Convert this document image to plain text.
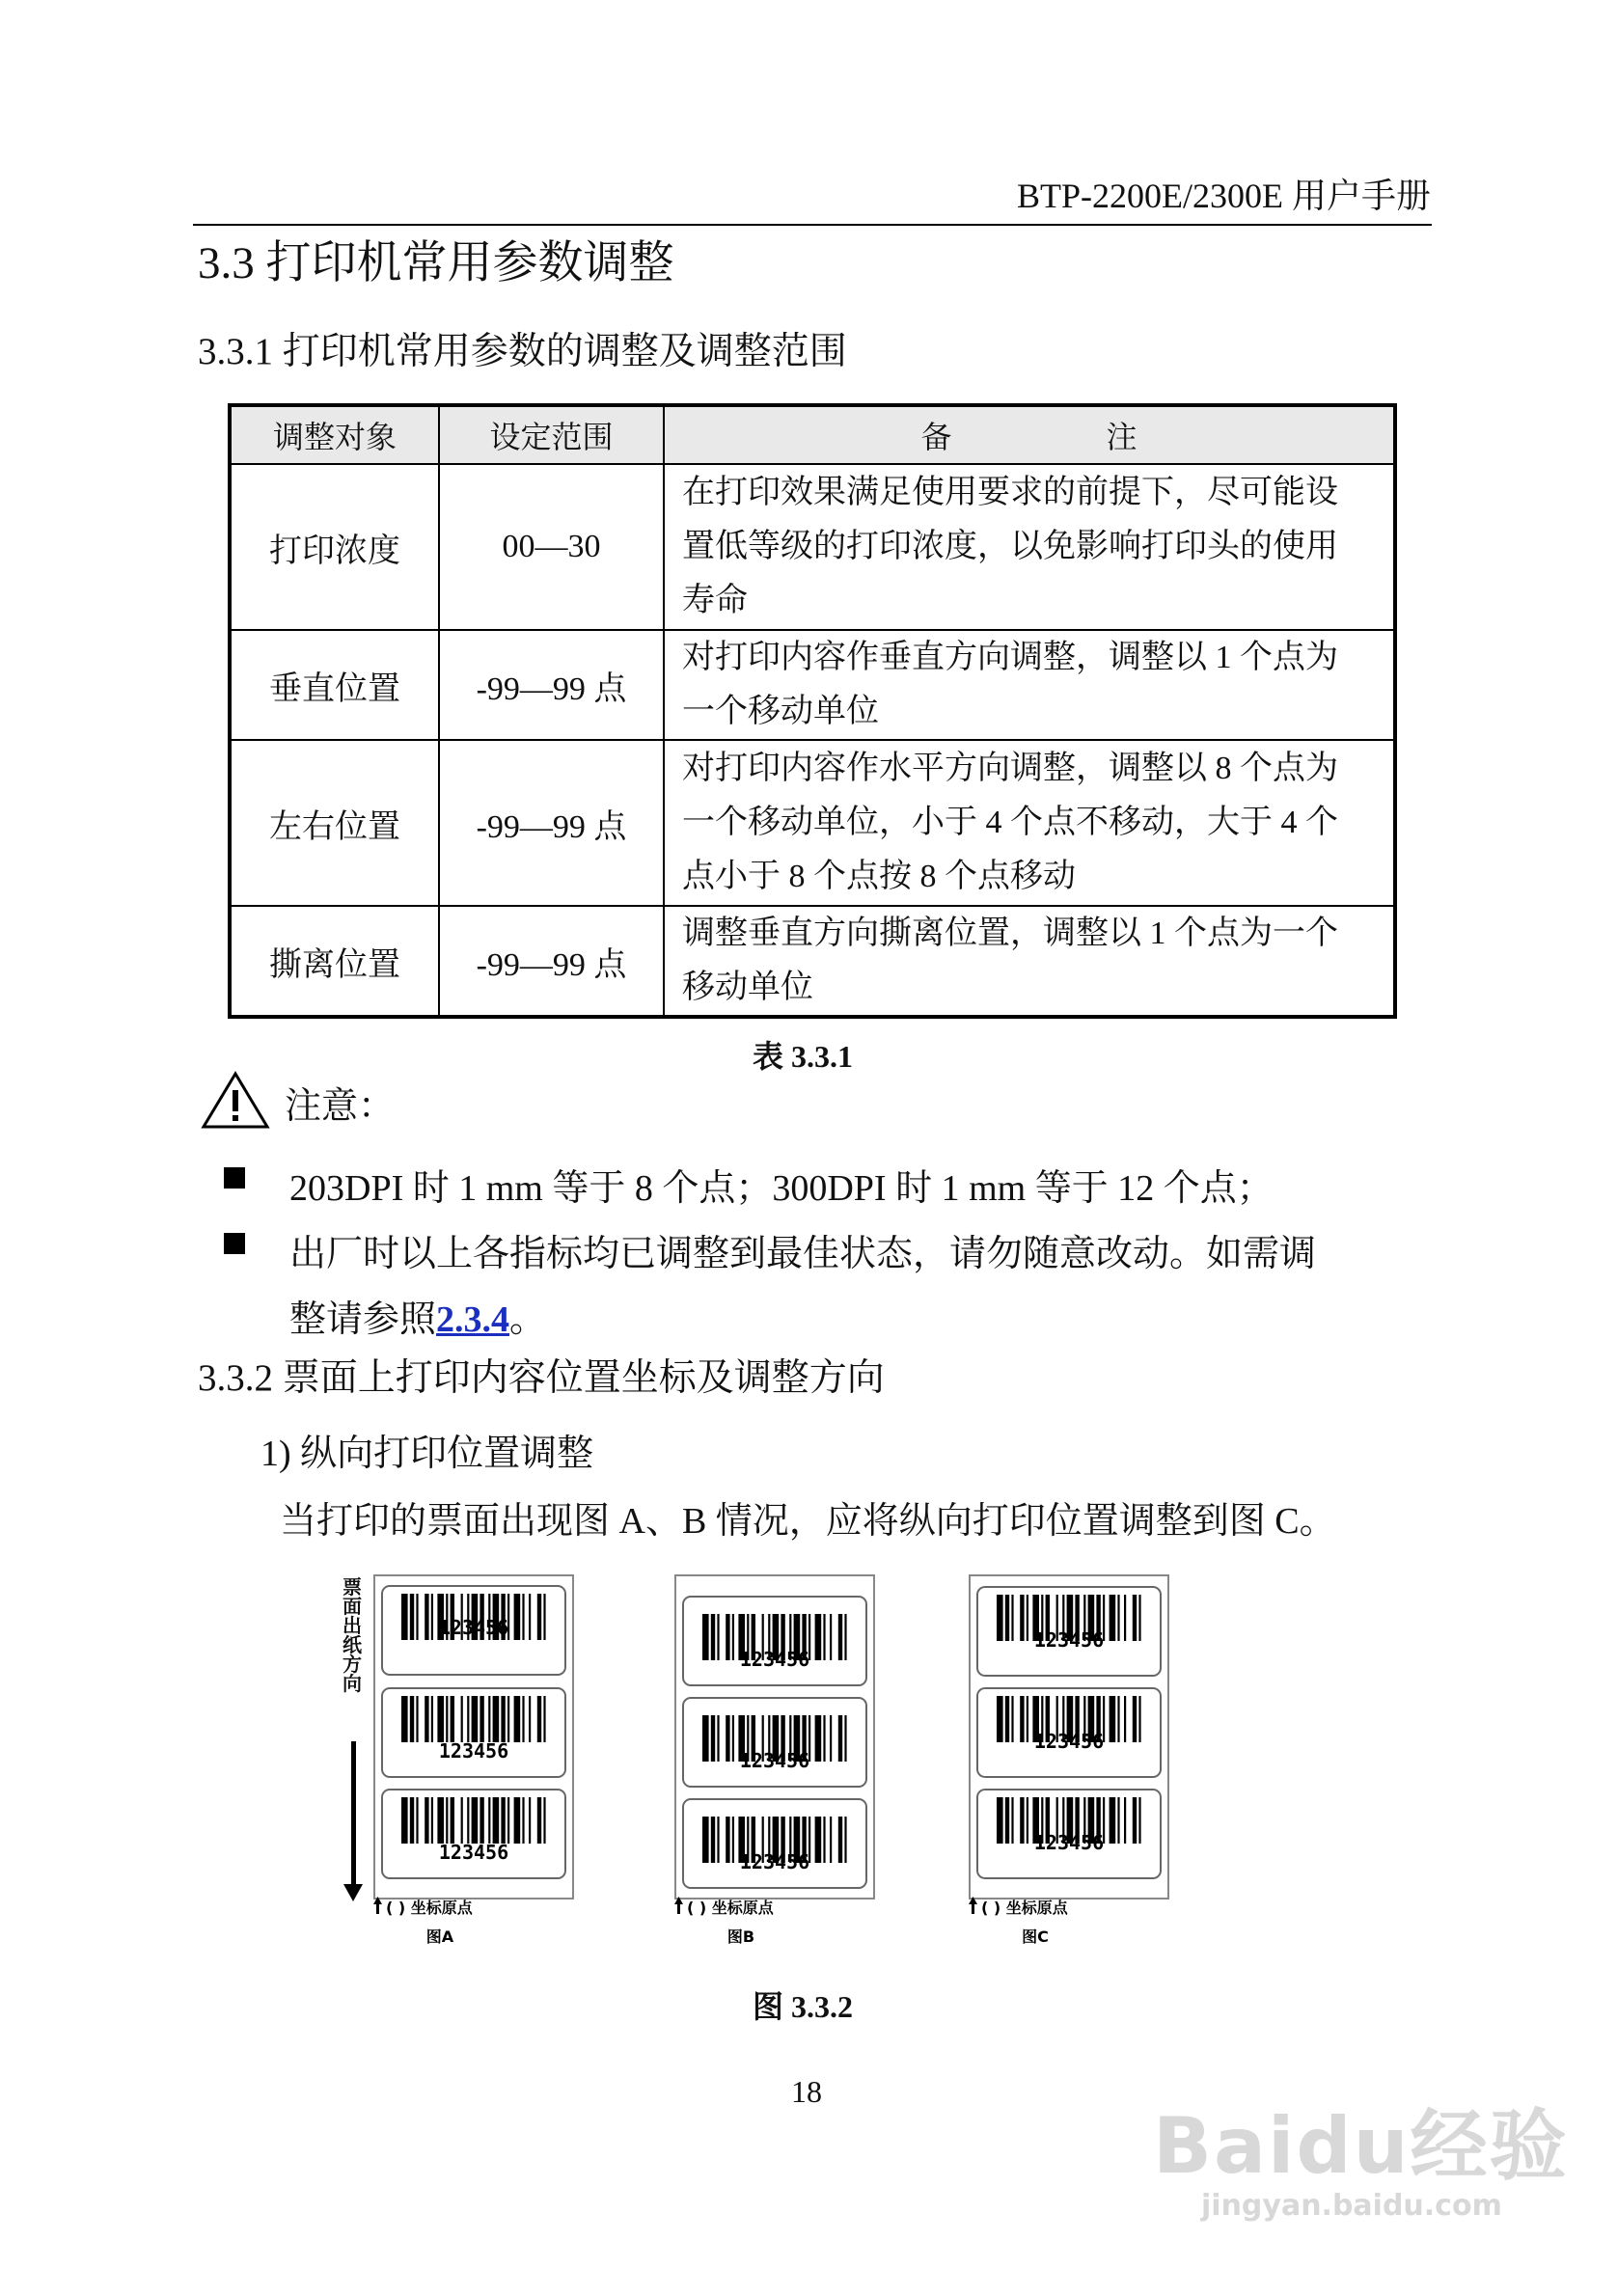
BTP-2200E/2300E 用户手册
3.3 打印机常用参数调整
3.3.1 打印机常用参数的调整及调整范围
调整对象	设定范围	备 注
打印浓度	00—30	在打印效果满足使用要求的前提下，尽可能设
置低等级的打印浓度，以免影响打印头的使用
寿命

垂直位置	-99—99 点	对打印内容作垂直方向调整，调整以 1 个点为
一个移动单位

左右位置	-99—99 点	对打印内容作水平方向调整，调整以 8 个点为
一个移动单位，小于 4 个点不移动，大于 4 个
点小于 8 个点按 8 个点移动

撕离位置	-99—99 点	调整垂直方向撕离位置，调整以 1 个点为一个
移动单位
表 3.3.1
注意：
203DPI 时 1 mm 等于 8 个点；300DPI 时 1 mm 等于 12 个点；
出厂时以上各指标均已调整到最佳状态，请勿随意改动。如需调
整请参照2.3.4。
3.3.2 票面上打印内容位置坐标及调整方向
1) 纵向打印位置调整
当打印的票面出现图 A、B 情况，应将纵向打印位置调整到图 C。
票面出纸方向
123456
123456
123456
( ) 坐标原点
图A
123456
123456
123456
( ) 坐标原点
图B
123456
123456
123456
( ) 坐标原点
图C
图 3.3.2
18
Baidu经验
jingyan.baidu.com
